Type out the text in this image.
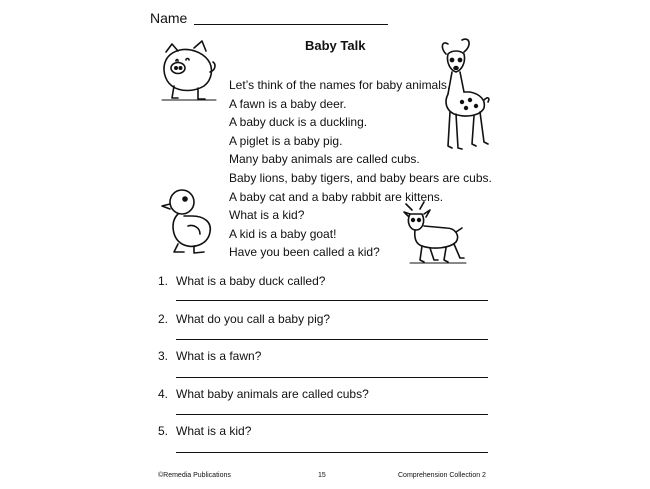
Name
Baby Talk
Let’s think of the names for baby animals.
A fawn is a baby deer.
A baby duck is a duckling.
A piglet is a baby pig.
Many baby animals are called cubs.
Baby lions, baby tigers, and baby bears are cubs.
A baby cat and a baby rabbit are kittens.
What is a kid?
A kid is a baby goat!
Have you been called a kid?
1. What is a baby duck called?
2. What do you call a baby pig?
3. What is a fawn?
4. What baby animals are called cubs?
5. What is a kid?
©Remedia Publications	15	Comprehension Collection 2
